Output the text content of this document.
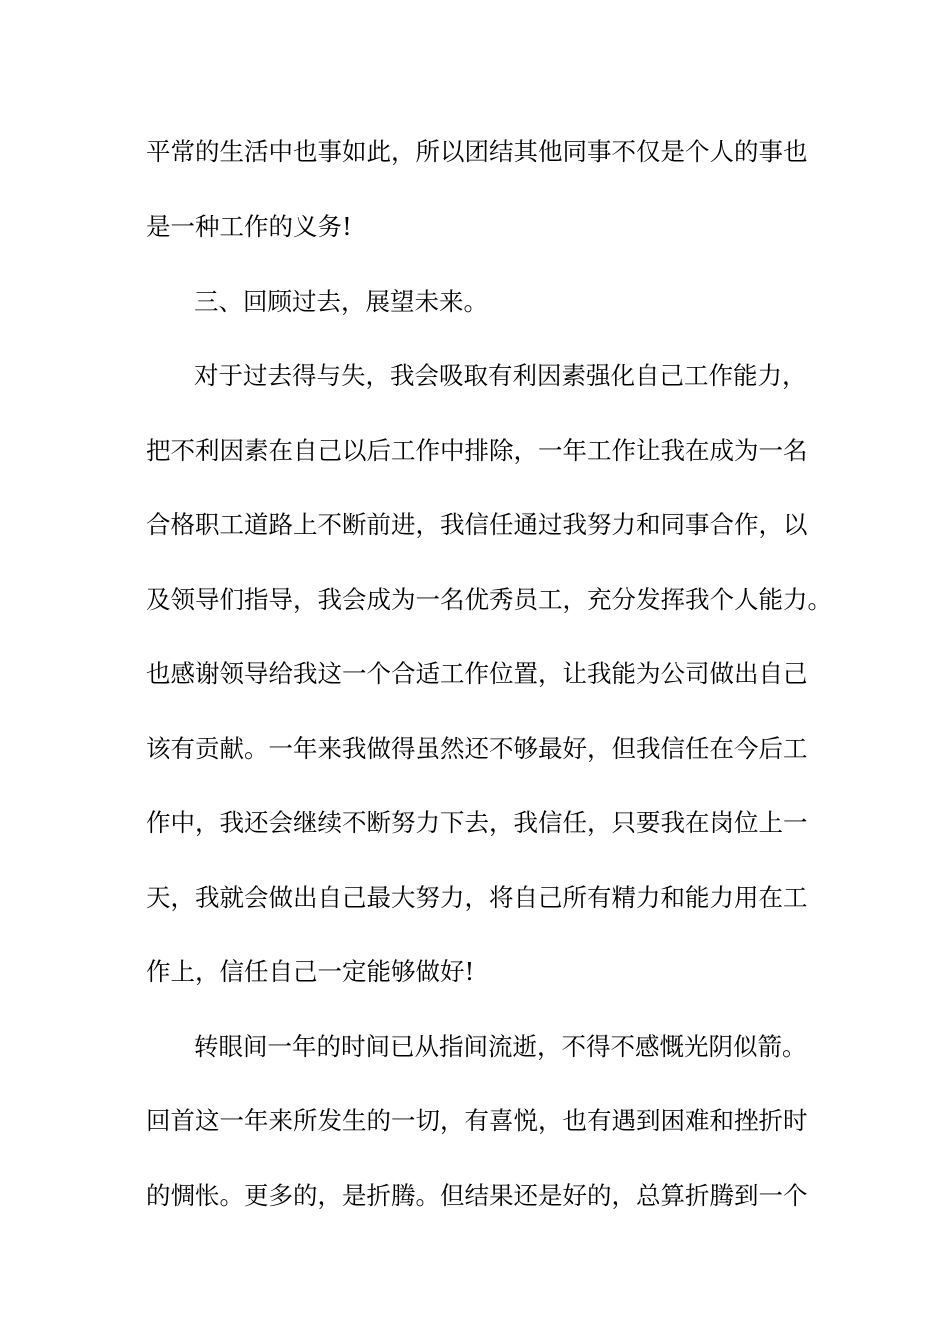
平常的生活中也事如此，所以团结其他同事不仅是个人的事也

是一种工作的义务!

三、回顾过去，展望未来。

对于过去得与失，我会吸取有利因素强化自己工作能力，

把不利因素在自己以后工作中排除，一年工作让我在成为一名

合格职工道路上不断前进，我信任通过我努力和同事合作，以

及领导们指导，我会成为一名优秀员工，充分发挥我个人能力。

也感谢领导给我这一个合适工作位置，让我能为公司做出自己

该有贡献。一年来我做得虽然还不够最好，但我信任在今后工

作中，我还会继续不断努力下去，我信任，只要我在岗位上一

天，我就会做出自己最大努力，将自己所有精力和能力用在工

作上，信任自己一定能够做好!

转眼间一年的时间已从指间流逝，不得不感慨光阴似箭。

回首这一年来所发生的一切，有喜悦，也有遇到困难和挫折时

的惆怅。更多的，是折腾。但结果还是好的，总算折腾到一个
